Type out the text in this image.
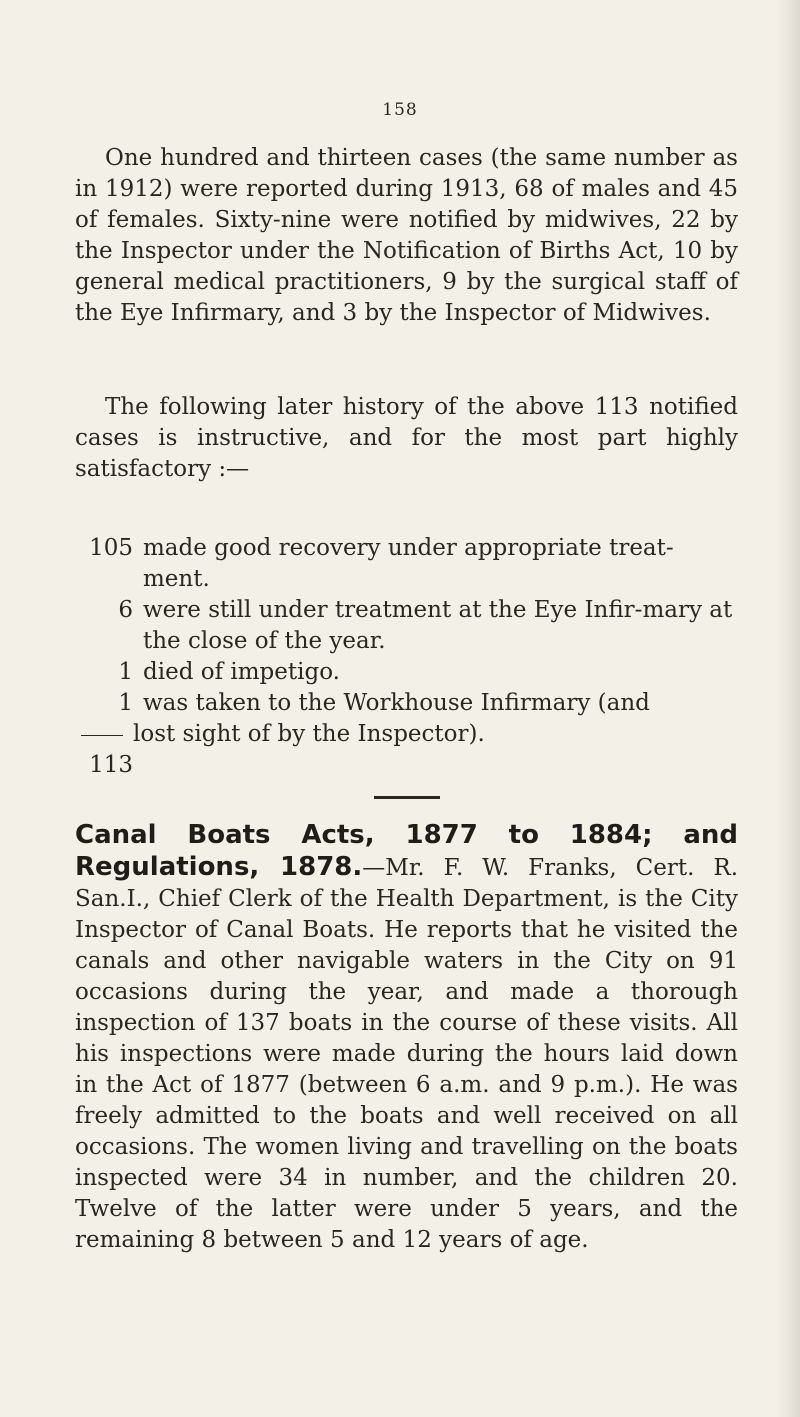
158
One hundred and thirteen cases (the same number as in 1912) were reported during 1913, 68 of males and 45 of females. Sixty-nine were notified by midwives, 22 by the Inspector under the Notification of Births Act, 10 by general medical practitioners, 9 by the surgical staff of the Eye Infirmary, and 3 by the Inspector of Midwives.
The following later history of the above 113 notified cases is instructive, and for the most part highly satisfactory :—
105 made good recovery under appropriate treat-ment.
6 were still under treatment at the Eye Infir-mary at the close of the year.
1 died of impetigo.
1 was taken to the Workhouse Infirmary (and
lost sight of by the Inspector).
113
Canal Boats Acts, 1877 to 1884; and Regulations, 1878.—Mr. F. W. Franks, Cert. R. San.I., Chief Clerk of the Health Department, is the City Inspector of Canal Boats. He reports that he visited the canals and other navigable waters in the City on 91 occasions during the year, and made a thorough inspection of 137 boats in the course of these visits. All his inspections were made during the hours laid down in the Act of 1877 (between 6 a.m. and 9 p.m.). He was freely admitted to the boats and well received on all occasions. The women living and travelling on the boats inspected were 34 in number, and the children 20. Twelve of the latter were under 5 years, and the remaining 8 between 5 and 12 years of age.
